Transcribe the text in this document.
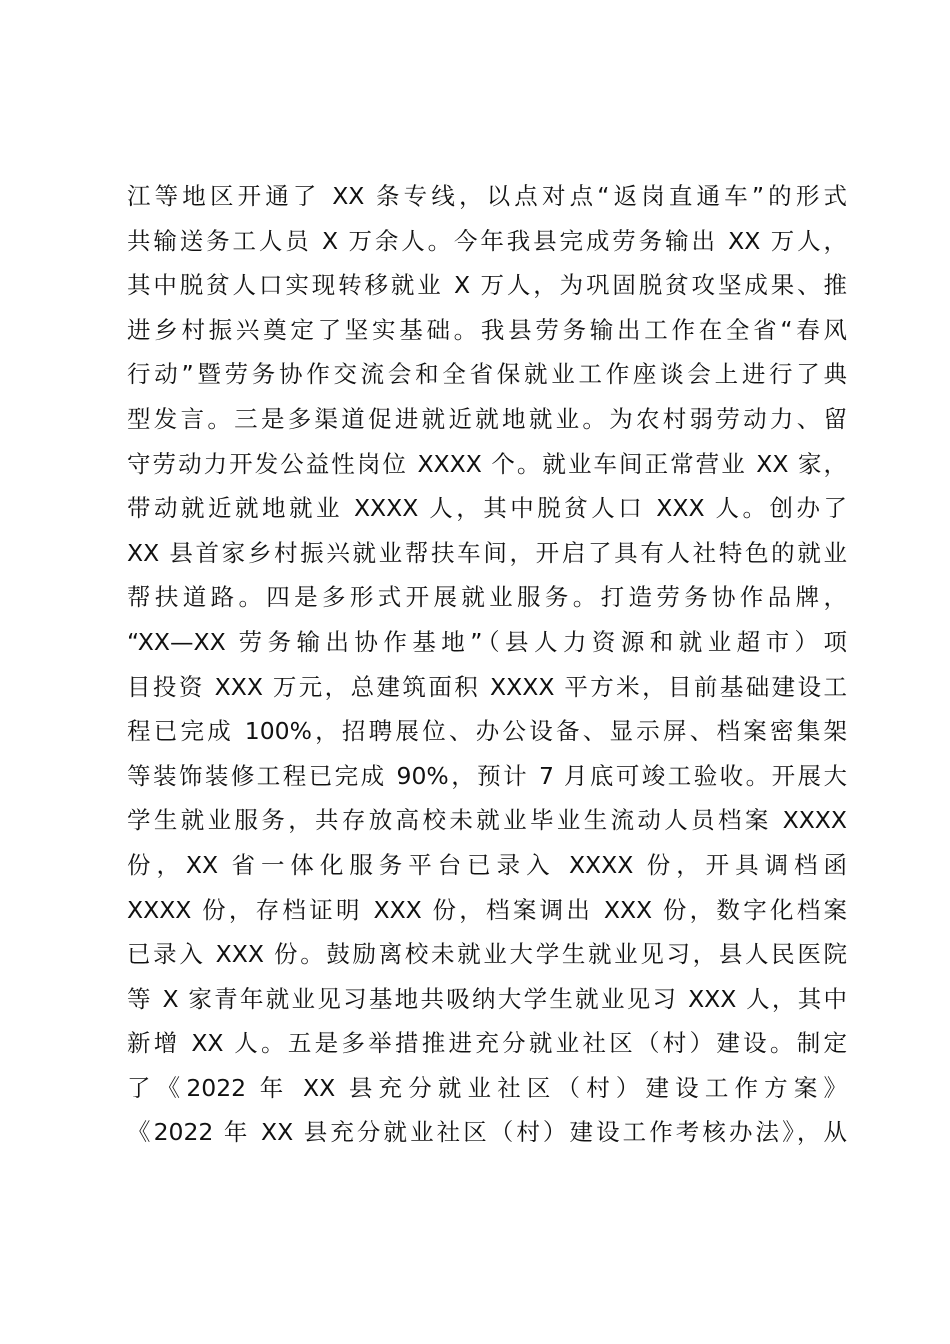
江等地区开通了 XX 条专线，以点对点“返岗直通车”的形式
共输送务工人员 X 万余人。今年我县完成劳务输出 XX 万人，
其中脱贫人口实现转移就业 X 万人，为巩固脱贫攻坚成果、推
进乡村振兴奠定了坚实基础。我县劳务输出工作在全省“春风
行动”暨劳务协作交流会和全省保就业工作座谈会上进行了典
型发言。三是多渠道促进就近就地就业。为农村弱劳动力、留
守劳动力开发公益性岗位 XXXX 个。就业车间正常营业 XX 家，
带动就近就地就业 XXXX 人，其中脱贫人口 XXX 人。创办了
XX 县首家乡村振兴就业帮扶车间，开启了具有人社特色的就业
帮扶道路。四是多形式开展就业服务。打造劳务协作品牌，
“XX—XX 劳务输出协作基地”（县人力资源和就业超市）项
目投资 XXX 万元，总建筑面积 XXXX 平方米，目前基础建设工
程已完成 100%，招聘展位、办公设备、显示屏、档案密集架
等装饰装修工程已完成 90%，预计 7 月底可竣工验收。开展大
学生就业服务，共存放高校未就业毕业生流动人员档案 XXXX
份，XX 省一体化服务平台已录入 XXXX 份，开具调档函
XXXX 份，存档证明 XXX 份，档案调出 XXX 份，数字化档案
已录入 XXX 份。鼓励离校未就业大学生就业见习，县人民医院
等 X 家青年就业见习基地共吸纳大学生就业见习 XXX 人，其中
新增 XX 人。五是多举措推进充分就业社区（村）建设。制定
了《2022 年 XX 县充分就业社区（村）建设工作方案》
《2022 年 XX 县充分就业社区（村）建设工作考核办法》，从
